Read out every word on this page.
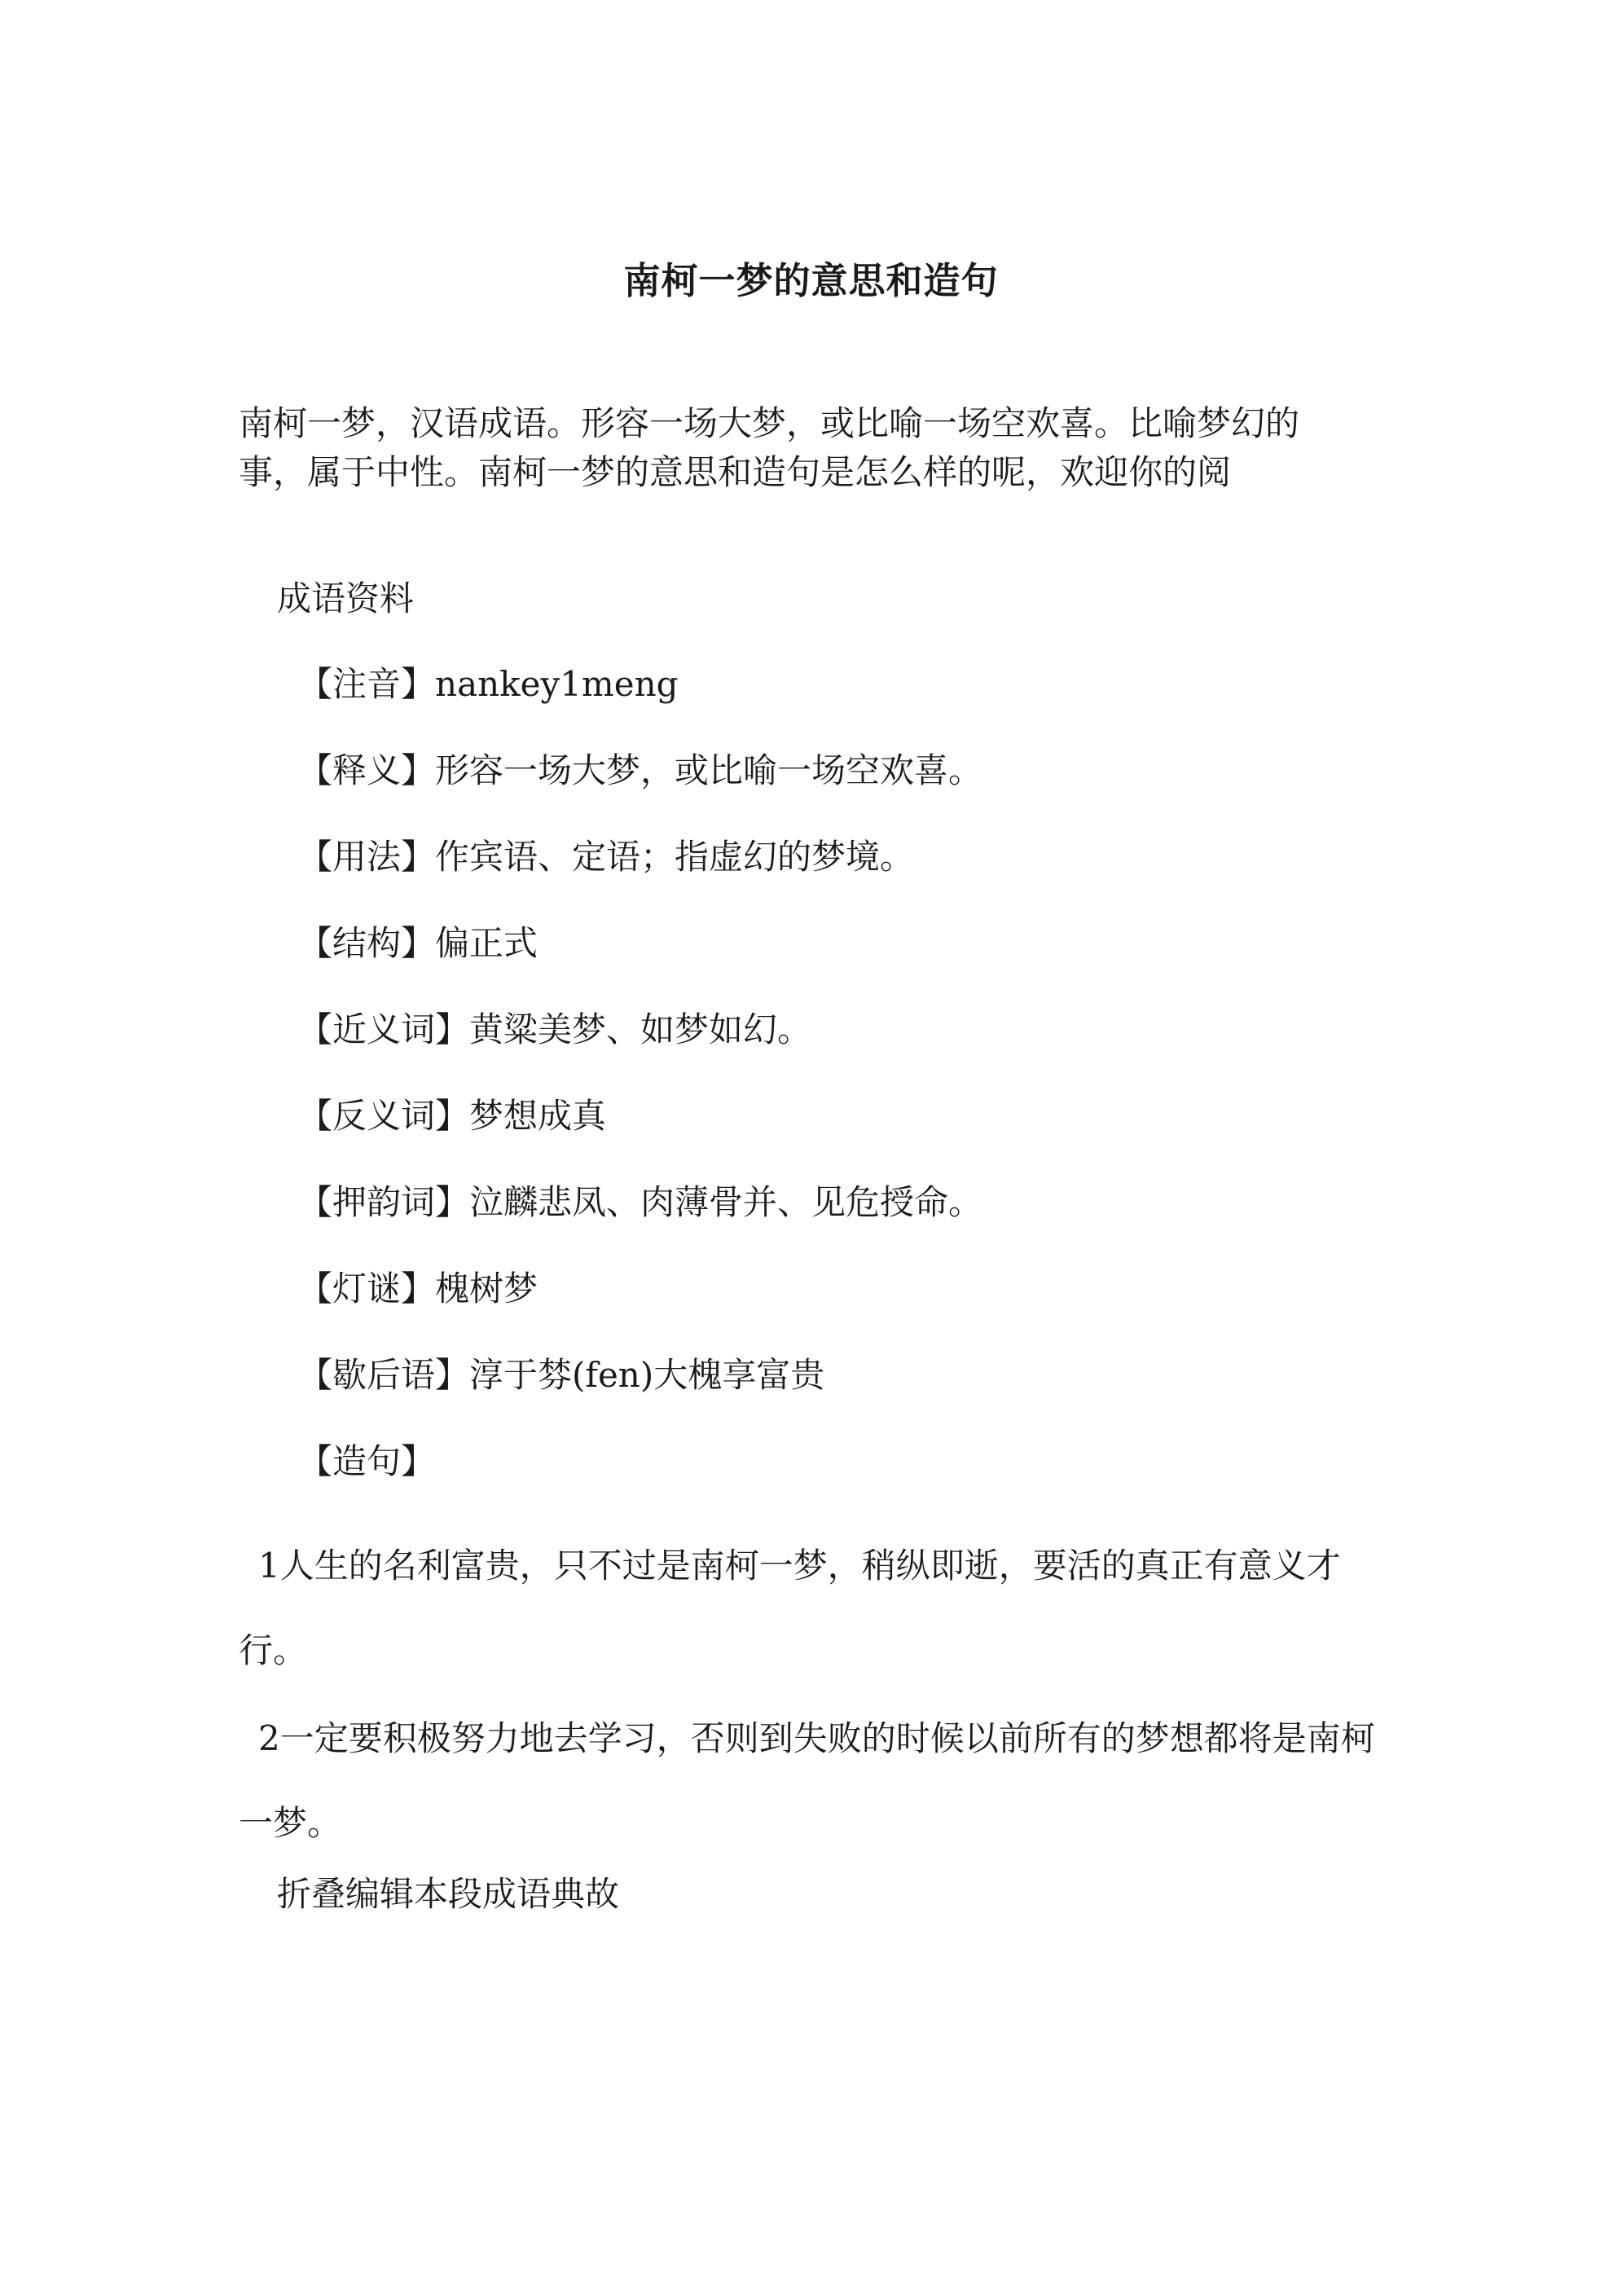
南柯一梦的意思和造句

南柯一梦，汉语成语。形容一场大梦，或比喻一场空欢喜。比喻梦幻的

事，属于中性。南柯一梦的意思和造句是怎么样的呢，欢迎你的阅

成语资料

【注音】nankey1meng
【释义】形容一场大梦，或比喻一场空欢喜。
【用法】作宾语、定语；指虚幻的梦境。
【结构】偏正式
【近义词】黄粱美梦、如梦如幻。
【反义词】梦想成真
【押韵词】泣麟悲凤、肉薄骨并、见危授命。
【灯谜】槐树梦
【歇后语】淳于棼(fen)大槐享富贵
【造句】
1人生的名利富贵，只不过是南柯一梦，稍纵即逝，要活的真正有意义才行。
2一定要积极努力地去学习，否则到失败的时候以前所有的梦想都将是南柯一梦。

折叠编辑本段成语典故
